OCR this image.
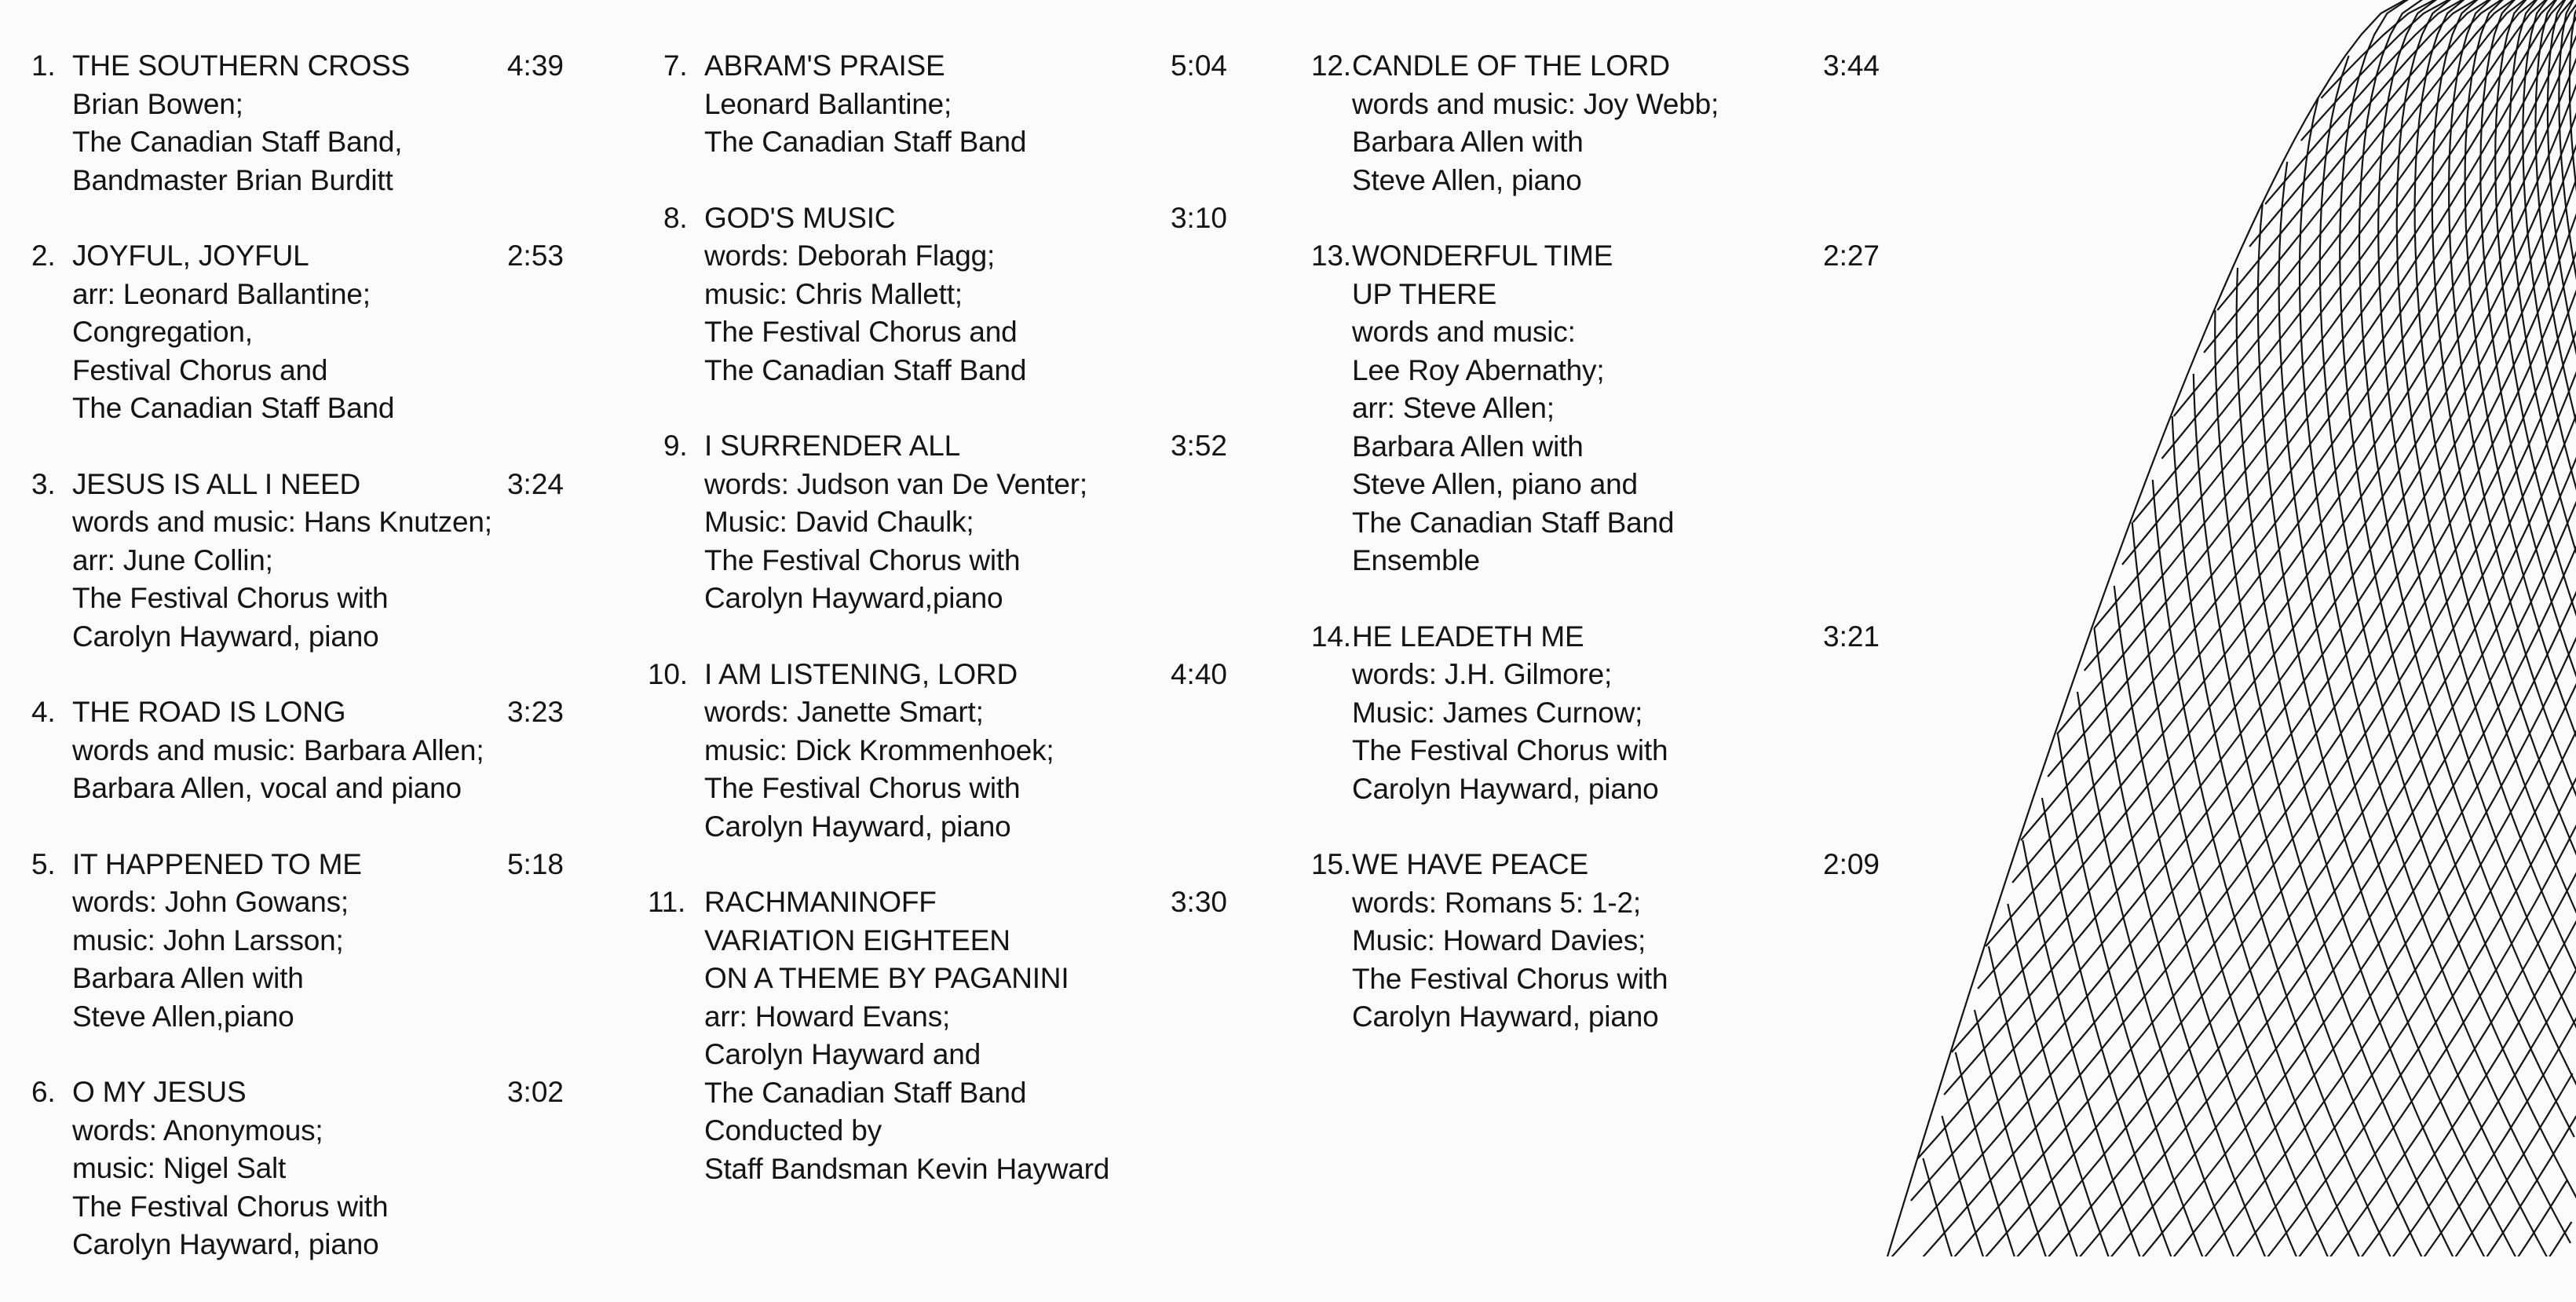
1. THE SOUTHERN CROSS	4:39
Brian Bowen;
The Canadian Staff Band,
Bandmaster Brian Burditt
2. JOYFUL, JOYFUL	2:53
arr: Leonard Ballantine;
Congregation,
Festival Chorus and
The Canadian Staff Band
3. JESUS IS ALL I NEED	3:24
words and music: Hans Knutzen;
arr: June Collin;
The Festival Chorus with
Carolyn Hayward, piano
4. THE ROAD IS LONG	3:23
words and music: Barbara Allen;
Barbara Allen, vocal and piano
5. IT HAPPENED TO ME	5:18
words: John Gowans;
music: John Larsson;
Barbara Allen with
Steve Allen,piano
6. O MY JESUS	3:02
words: Anonymous;
music: Nigel Salt
The Festival Chorus with
Carolyn Hayward, piano
7. ABRAM'S PRAISE	5:04
Leonard Ballantine;
The Canadian Staff Band
8. GOD'S MUSIC	3:10
words: Deborah Flagg;
music: Chris Mallett;
The Festival Chorus and
The Canadian Staff Band
9. I SURRENDER ALL	3:52
words: Judson van De Venter;
Music: David Chaulk;
The Festival Chorus with
Carolyn Hayward,piano
10. I AM LISTENING, LORD	4:40
words: Janette Smart;
music: Dick Krommenhoek;
The Festival Chorus with
Carolyn Hayward, piano
11. RACHMANINOFF	3:30
VARIATION EIGHTEEN
ON A THEME BY PAGANINI
arr: Howard Evans;
Carolyn Hayward and
The Canadian Staff Band
Conducted by
Staff Bandsman Kevin Hayward
12. CANDLE OF THE LORD	3:44
words and music: Joy Webb;
Barbara Allen with
Steve Allen, piano
13. WONDERFUL TIME	2:27
UP THERE
words and music:
Lee Roy Abernathy;
arr: Steve Allen;
Barbara Allen with
Steve Allen, piano and
The Canadian Staff Band
Ensemble
14. HE LEADETH ME	3:21
words: J.H. Gilmore;
Music: James Curnow;
The Festival Chorus with
Carolyn Hayward, piano
15. WE HAVE PEACE	2:09
words: Romans 5: 1-2;
Music: Howard Davies;
The Festival Chorus with
Carolyn Hayward, piano
